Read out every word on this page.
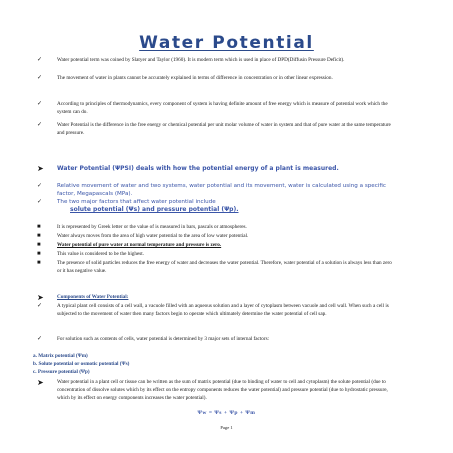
Water Potential
✓	Water potential term was coined by Slatyer and Taylor (1960). It is modern term which is used in place of DPD(Diffusin Pressure Deficit).
✓	The movement of water in plants cannot be accurately explained in terms of difference in concentration or in other linear expression.
✓	According to principles of thermodynamics, every component of system is having definite amount of free energy which is measure of potential work which the system can do.
✓	Water Potential is the difference in the free energy or chemical potential per unit molar volume of water in system and that of pure water at the same temperature and pressure.
➤ Water Potential (ΨPSI) deals with how the potential energy of a plant is measured.
✓	Relative movement of water and two systems, water potential and its movement, water is calculated using a specific factor, Megapascals (MPa).
✓	The two major factors that affect water potential include
solute potential (Ψs) and pressure potential (Ψp).
■	It is represented by Greek letter or the value of is measured in bars, pascals or atmospheres.
■	Water always moves from the area of high water potential to the area of low water potential.
■	Water potential of pure water at normal temperature and pressure is zero.
■	This value is considered to be the highest.
■	The presence of solid particles reduces the free energy of water and decreases the water potential. Therefore, water potential of a solution is always less than zero or it has negative value.
➤	Components of Water Potential:
✓	A typical plant cell consists of a cell wall, a vacuole filled with an aqueous solution and a layer of cytoplasm between vacuole and cell wall. When such a cell is subjected to the movement of water then many factors begin to operate which ultimately determine the water potential of cell sap.
✓	For solution such as contents of cells, water potential is determined by 3 major sets of internal factors:
a. Matrix potential (Ψm)
b. Solute potential or osmotic potential (Ψs)
c. Pressure potential (Ψp)
➤	Water potential in a plant cell or tissue can be written as the sum of matrix potential (due to binding of water to cell and cytoplasm) the solute potential (due to concentration of dissolve solutes which by its effect on the entropy components reduces the water potential) and pressure potential (due to hydrostatic pressure, which by its effect on energy components increases the water potential).
Ψw = Ψs + Ψp + Ψm
Page 1
